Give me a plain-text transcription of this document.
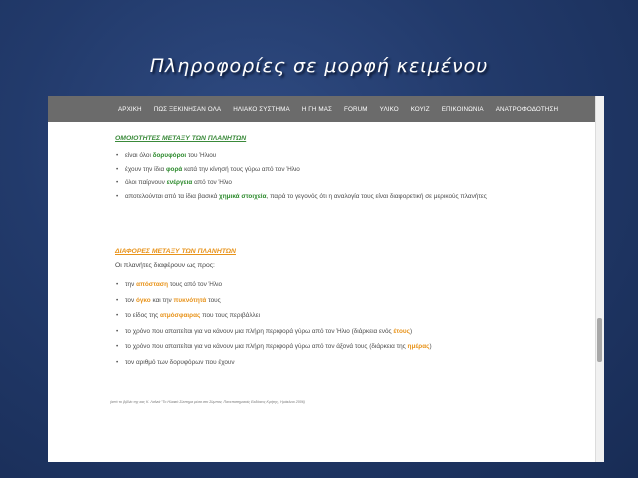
Πληροφορίες σε μορφή κειμένου
ΑΡΧΙΚΗ ΠΩΣ ΞΕΚΙΝΗΣΑΝ ΟΛΑ ΗΛΙΑΚΟ ΣΥΣΤΗΜΑ Η ΓΗ ΜΑΣ FORUM ΥΛΙΚΟ ΚΟΥΙΖ ΕΠΙΚΟΙΝΩΝΙΑ ΑΝΑΤΡΟΦΟΔΟΤΗΣΗ
ΟΜΟΙΟΤΗΤΕΣ ΜΕΤΑΞΥ ΤΩΝ ΠΛΑΝΗΤΩΝ
• είναι όλοι δορυφόροι του Ήλιου
• έχουν την ίδια φορά κατά την κίνησή τους γύρω από τον Ήλιο
• όλοι παίρνουν ενέργεια από τον Ήλιο
• αποτελούνται από τα ίδια βασικά χημικά στοιχεία, παρά το γεγονός ότι η αναλογία τους είναι διαφορετική σε μερικούς πλανήτες
ΔΙΑΦΟΡΕΣ ΜΕΤΑΞΥ ΤΩΝ ΠΛΑΝΗΤΩΝ
Οι πλανήτες διαφέρουν ως προς:
• την απόσταση τους από τον Ήλιο
• τον όγκο και την πυκνότητά τους
• το είδος της ατμόσφαιρας που τους περιβάλλει
• το χρόνο που απαιτείται για να κάνουν μια πλήρη περιφορά γύρω από τον Ήλιο (διάρκεια ενός έτους)
• το χρόνο που απαιτείται για να κάνουν μια πλήρη περιφορά γύρω από τον άξονά τους (διάρκεια της ημέρας)
• τον αριθμό των δορυφόρων που έχουν
(από το βιβλίο της κας Κ. Λαϊνιά "Το Ηλιακό Σύστημα μέσα στο Σύμπαν, Πανεπιστημιακές Εκδόσεις Κρήτης, Ηράκλειο 2006)
